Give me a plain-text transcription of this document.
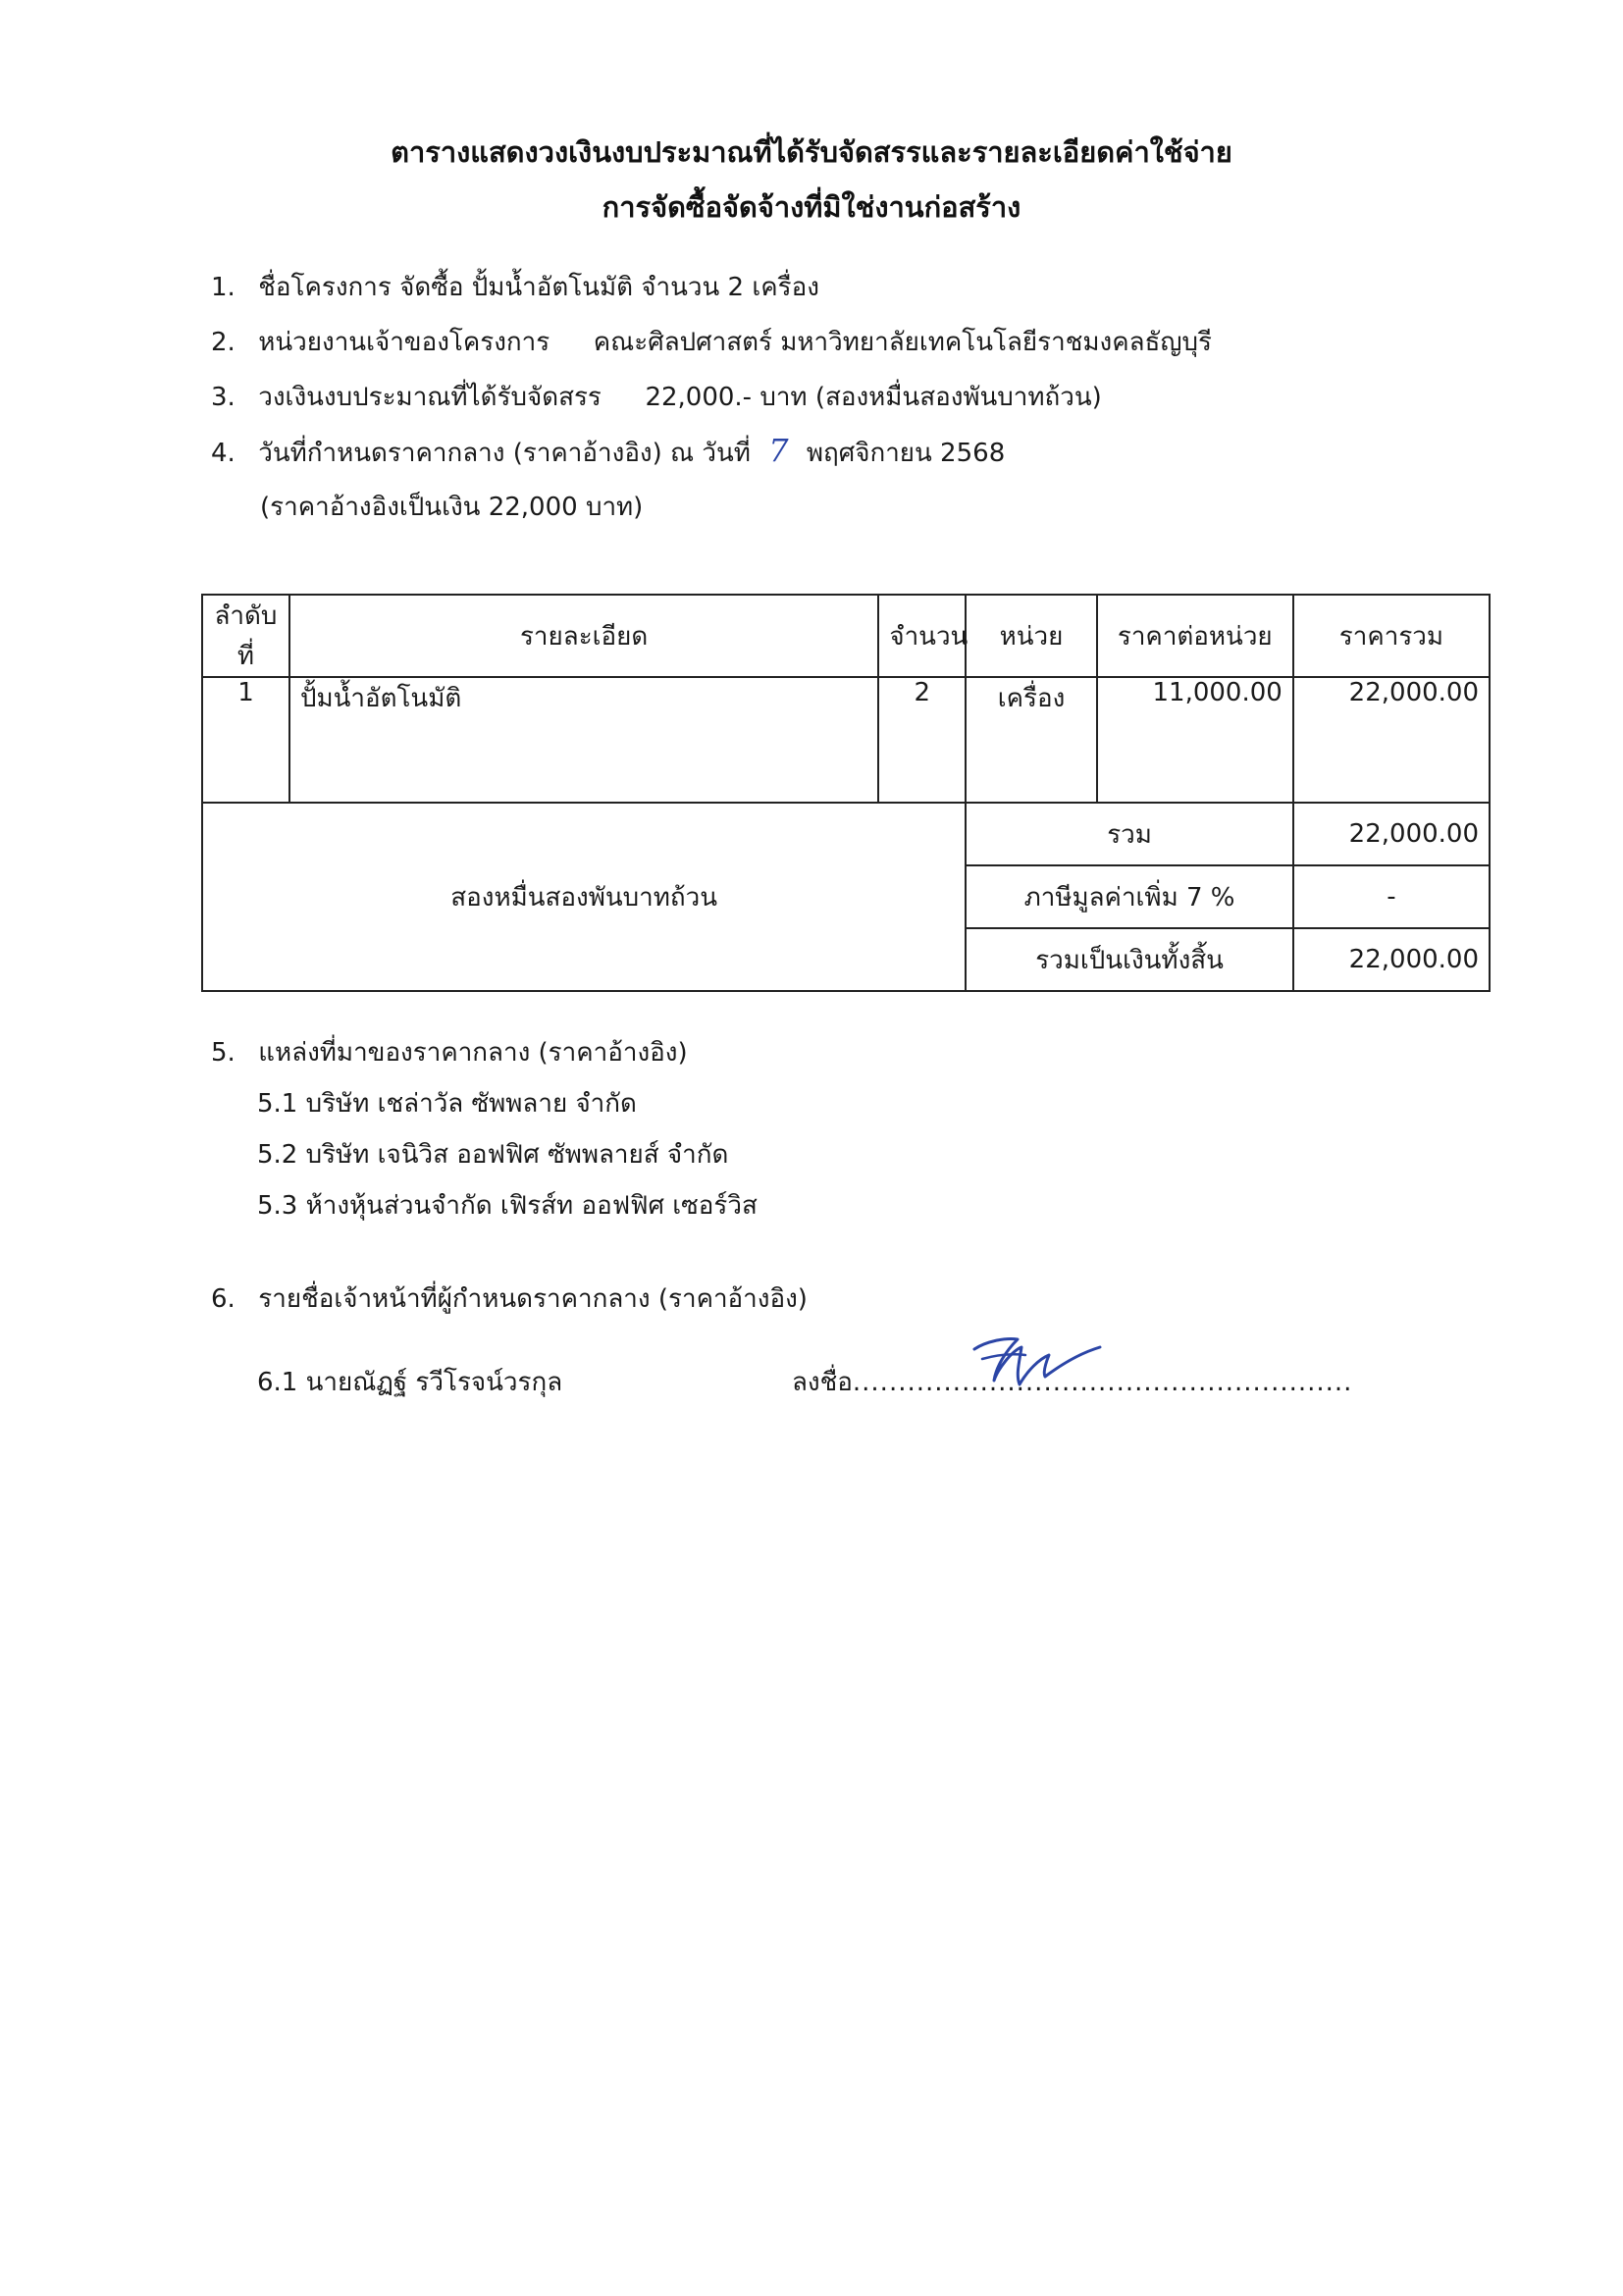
ตารางแสดงวงเงินงบประมาณที่ได้รับจัดสรรและรายละเอียดค่าใช้จ่าย
การจัดซื้อจัดจ้างที่มิใช่งานก่อสร้าง
1. ชื่อโครงการ จัดซื้อ ปั้มน้ำอัตโนมัติ จำนวน 2 เครื่อง
2. หน่วยงานเจ้าของโครงการ คณะศิลปศาสตร์ มหาวิทยาลัยเทคโนโลยีราชมงคลธัญบุรี
3. วงเงินงบประมาณที่ได้รับจัดสรร 22,000.- บาท (สองหมื่นสองพันบาทถ้วน)
4. วันที่กำหนดราคากลาง (ราคาอ้างอิง) ณ วันที่ 7 พฤศจิกายน 2568
(ราคาอ้างอิงเป็นเงิน 22,000 บาท)
ลำดับที่	รายละเอียด	จำนวน	หน่วย	ราคาต่อหน่วย	ราคารวม
1	ปั้มน้ำอัตโนมัติ	2	เครื่อง	11,000.00	22,000.00
สองหมื่นสองพันบาทถ้วน			รวม		22,000.00
			ภาษีมูลค่าเพิ่ม 7 %		-
			รวมเป็นเงินทั้งสิ้น		22,000.00
5. แหล่งที่มาของราคากลาง (ราคาอ้างอิง)
5.1 บริษัท เชล่าวัล ซัพพลาย จำกัด
5.2 บริษัท เจนิวิส ออฟฟิศ ซัพพลายส์ จำกัด
5.3 ห้างหุ้นส่วนจำกัด เฟิรส์ท ออฟฟิศ เซอร์วิส
6. รายชื่อเจ้าหน้าที่ผู้กำหนดราคากลาง (ราคาอ้างอิง)
6.1 นายณัฏฐ์ รวีโรจน์วรกุล	ลงชื่อ.......................................................
